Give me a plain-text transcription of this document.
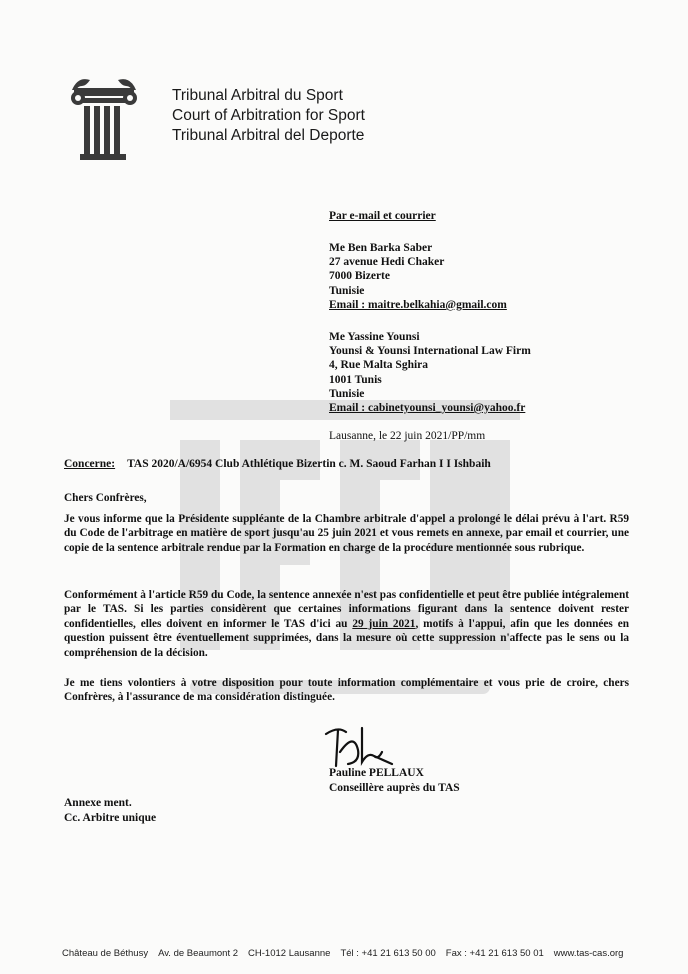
Tribunal Arbitral du Sport
Court of Arbitration for Sport
Tribunal Arbitral del Deporte
Par e-mail et courrier
Me Ben Barka Saber
27 avenue Hedi Chaker
7000 Bizerte
Tunisie
Email : maitre.belkahia@gmail.com
Me Yassine Younsi
Younsi & Younsi International Law Firm
4, Rue Malta Sghira
1001 Tunis
Tunisie
Email : cabinetyounsi_younsi@yahoo.fr
Lausanne, le 22 juin 2021/PP/mm
Concerne: TAS 2020/A/6954 Club Athlétique Bizertin c. M. Saoud Farhan I I Ishbaih
Chers Confrères,
Je vous informe que la Présidente suppléante de la Chambre arbitrale d'appel a prolongé le délai prévu à l'art. R59 du Code de l'arbitrage en matière de sport jusqu'au 25 juin 2021 et vous remets en annexe, par email et courrier, une copie de la sentence arbitrale rendue par la Formation en charge de la procédure mentionnée sous rubrique.
Conformément à l'article R59 du Code, la sentence annexée n'est pas confidentielle et peut être publiée intégralement par le TAS. Si les parties considèrent que certaines informations figurant dans la sentence doivent rester confidentielles, elles doivent en informer le TAS d'ici au 29 juin 2021, motifs à l'appui, afin que les données en question puissent être éventuellement supprimées, dans la mesure où cette suppression n'affecte pas le sens ou la compréhension de la décision.
Je me tiens volontiers à votre disposition pour toute information complémentaire et vous prie de croire, chers Confrères, à l'assurance de ma considération distinguée.
Pauline PELLAUX
Conseillère auprès du TAS
Annexe ment.
Cc. Arbitre unique
Château de Béthusy Av. de Beaumont 2 CH-1012 Lausanne Tél : +41 21 613 50 00 Fax : +41 21 613 50 01 www.tas-cas.org
